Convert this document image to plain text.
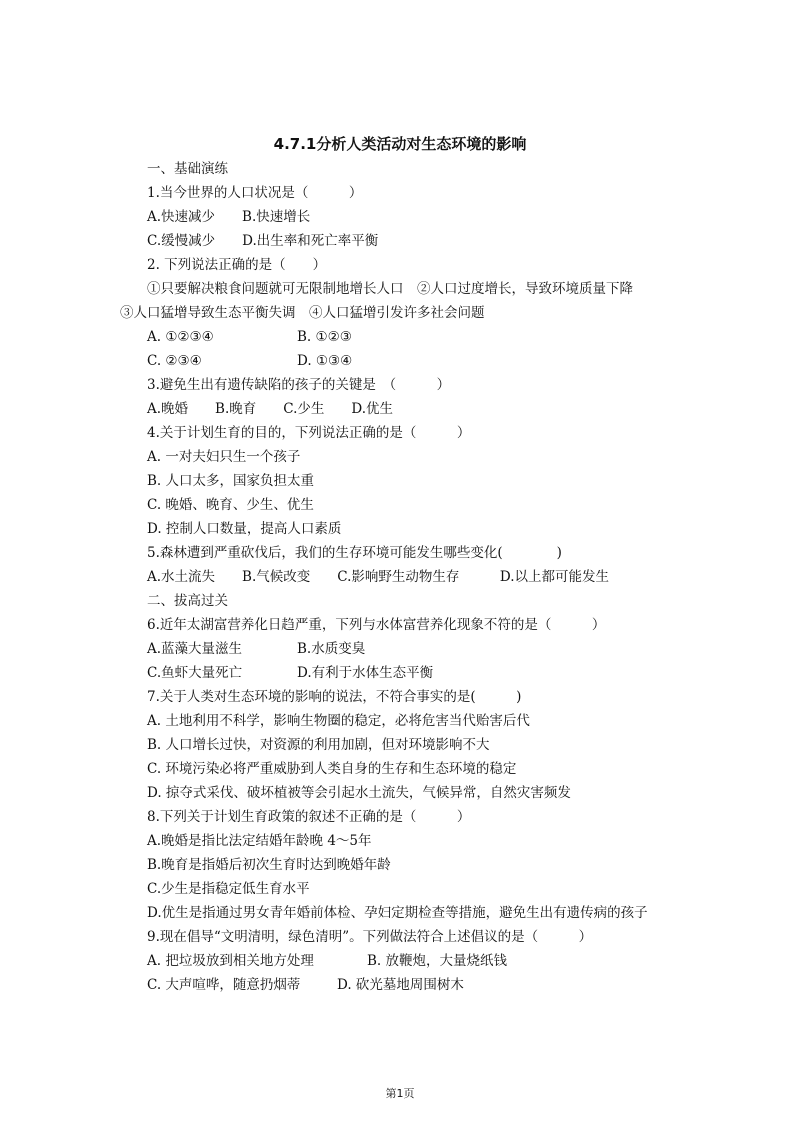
4.7.1分析人类活动对生态环境的影响
一、基础演练
1.当今世界的人口状况是（　　　）
A.快速减少　　B.快速增长
C.缓慢减少　　D.出生率和死亡率平衡
2. 下列说法正确的是（　　）
①只要解决粮食问题就可无限制地增长人口　②人口过度增长，导致环境质量下降
③人口猛增导致生态平衡失调　④人口猛增引发许多社会问题
A. ①②③④	B. ①②③
C. ②③④	D. ①③④
3.避免生出有遗传缺陷的孩子的关键是　（　　　）
A.晚婚　　B.晚育　　C.少生　　D.优生
4.关于计划生育的目的，下列说法正确的是（　　　）
A. 一对夫妇只生一个孩子
B. 人口太多，国家负担太重
C. 晚婚、晚育、少生、优生
D. 控制人口数量，提高人口素质
5.森林遭到严重砍伐后，我们的生存环境可能发生哪些变化(　　　　)
A.水土流失　　B.气候改变　　C.影响野生动物生存　　　D.以上都可能发生
二、拔高过关
6.近年太湖富营养化日趋严重，下列与水体富营养化现象不符的是（　　　）
A.蓝藻大量滋生	B.水质变臭
C.鱼虾大量死亡	D.有利于水体生态平衡
7.关于人类对生态环境的影响的说法，不符合事实的是(　　　)
A. 土地利用不科学，影响生物圈的稳定，必将危害当代贻害后代
B. 人口增长过快，对资源的利用加剧，但对环境影响不大
C. 环境污染必将严重威胁到人类自身的生存和生态环境的稳定
D. 掠夺式采伐、破坏植被等会引起水土流失，气候异常，自然灾害频发
8.下列关于计划生育政策的叙述不正确的是（　　　）
A.晚婚是指比法定结婚年龄晚 4～5年
B.晚育是指婚后初次生育时达到晚婚年龄
C.少生是指稳定低生育水平
D.优生是指通过男女青年婚前体检、孕妇定期检查等措施，避免生出有遗传病的孩子
9.现在倡导“文明清明，绿色清明”。下列做法符合上述倡议的是（　　　）
A. 把垃圾放到相关地方处理	B. 放鞭炮，大量烧纸钱
C. 大声喧哗，随意扔烟蒂	D. 砍光墓地周围树木
第1页
